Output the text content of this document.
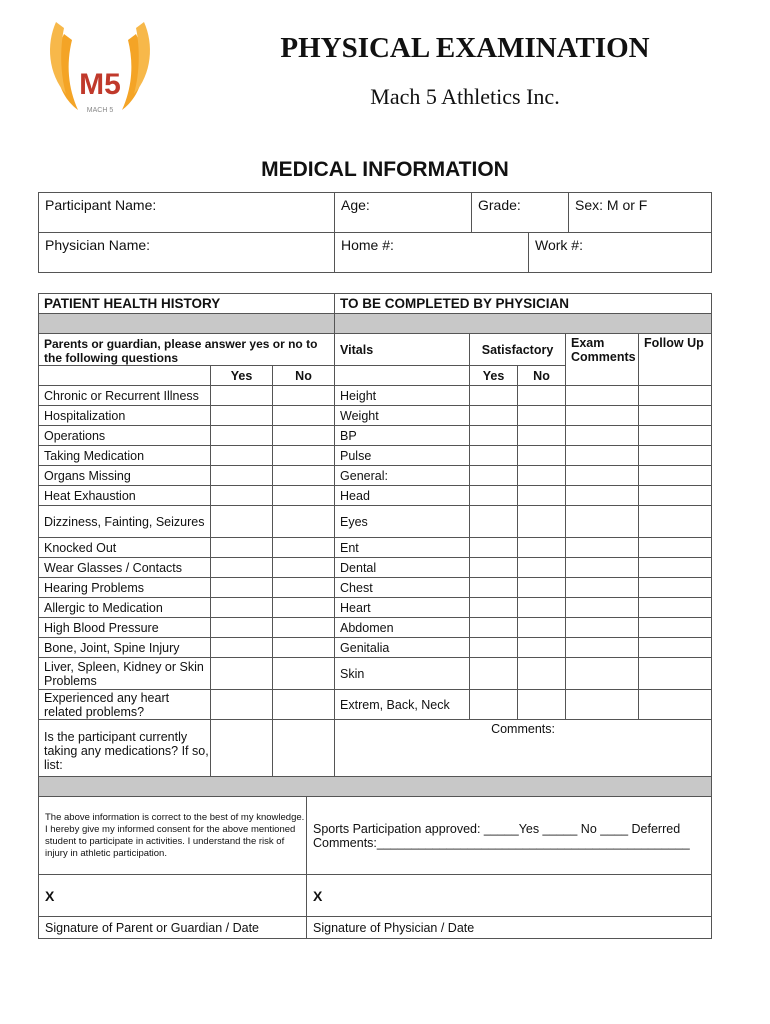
M5
MACH 5
PHYSICAL EXAMINATION
Mach 5 Athletics Inc.
MEDICAL INFORMATION
Participant Name:	Age:	Grade:		Sex: M or F
Physician Name:	Home #:		Work #:	
PATIENT HEALTH HISTORY			TO BE COMPLETED BY PHYSICIAN				

Parents or guardian, please answer yes or no to the following questions			Vitals	Satisfactory		Exam Comments	Follow Up
	Yes	No		Yes	No		
Chronic or Recurrent Illness			Height				
Hospitalization			Weight				
Operations			BP				
Taking Medication			Pulse				
Organs Missing			General:				
Heat Exhaustion			Head				
Dizziness, Fainting, Seizures			Eyes				
Knocked Out			Ent				
Wear Glasses / Contacts			Dental				
Hearing Problems			Chest				
Allergic to Medication			Heart				
High Blood Pressure			Abdomen				
Bone, Joint, Spine Injury			Genitalia				
Liver, Spleen, Kidney or Skin Problems			Skin				
Experienced any heart related problems?			Extrem, Back, Neck				
Is the participant currently taking any medications? If so, list:			Comments:				

The above information is correct to the best of my knowledge. I hereby give my informed consent for the above mentioned student to participate in activities. I understand the risk of injury in athletic participation.	Sports Participation approved: _____Yes _____ No ____ Deferred
Comments:_____________________________________________

X	X
Signature of Parent or Guardian / Date	Signature of Physician / Date
